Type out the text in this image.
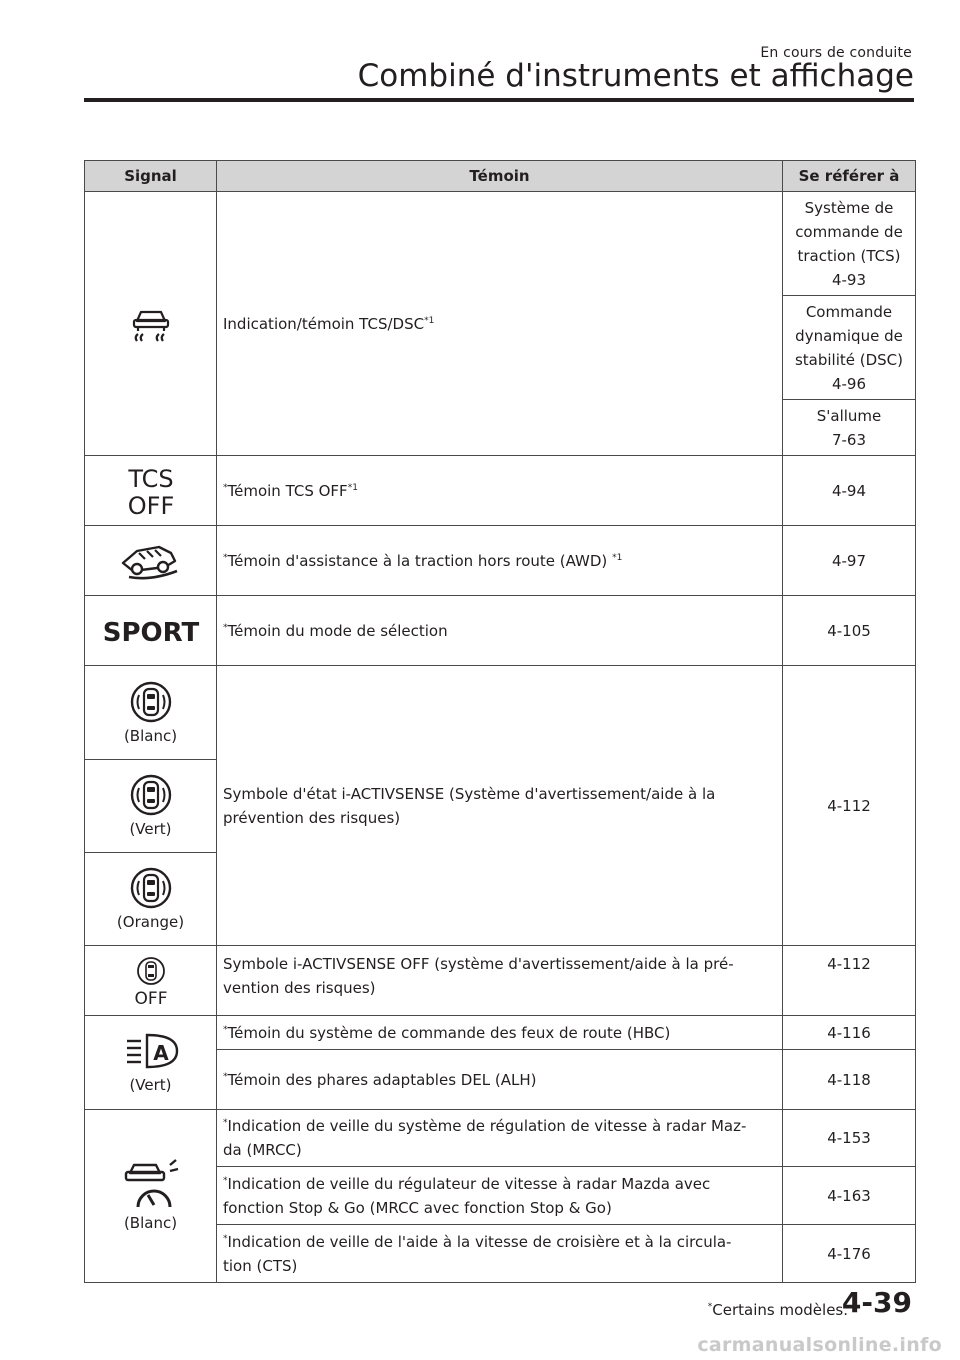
En cours de conduite
Combiné d'instruments et affichage
Signal	Témoin	Se référer à

	Indication/témoin TCS/DSC$^{*1}$	Système de
commande de
traction (TCS)
4-93
		Commande
dynamique de
stabilité (DSC)
4-96
		S'allume
7-63

TCS
OFF	*Témoin TCS OFF$^{*1}$	4-94

	*Témoin d'assistance à la traction hors route (AWD) $^{*1}$	4-97

SPORT	*Témoin du mode de sélection	4-105

(Blanc)	Symbole d'état i-ACTIVSENSE (Système d'avertissement/aide à la
prévention des risques)	4-112

(Vert)		

(Orange)		

OFF	Symbole i-ACTIVSENSE OFF (système d'avertissement/aide à la pré-
vention des risques)	4-112

A
(Vert)	*Témoin du système de commande des feux de route (HBC)	4-116
	*Témoin des phares adaptables DEL (ALH)	4-118

(Blanc)	*Indication de veille du système de régulation de vitesse à radar Maz-
da (MRCC)	4-153
	*Indication de veille du régulateur de vitesse à radar Mazda avec
fonction Stop & Go (MRCC avec fonction Stop & Go)	4-163
	*Indication de veille de l'aide à la vitesse de croisière et à la circula-
tion (CTS)	4-176
*Certains modèles.
4-39
carmanualsonline.info
